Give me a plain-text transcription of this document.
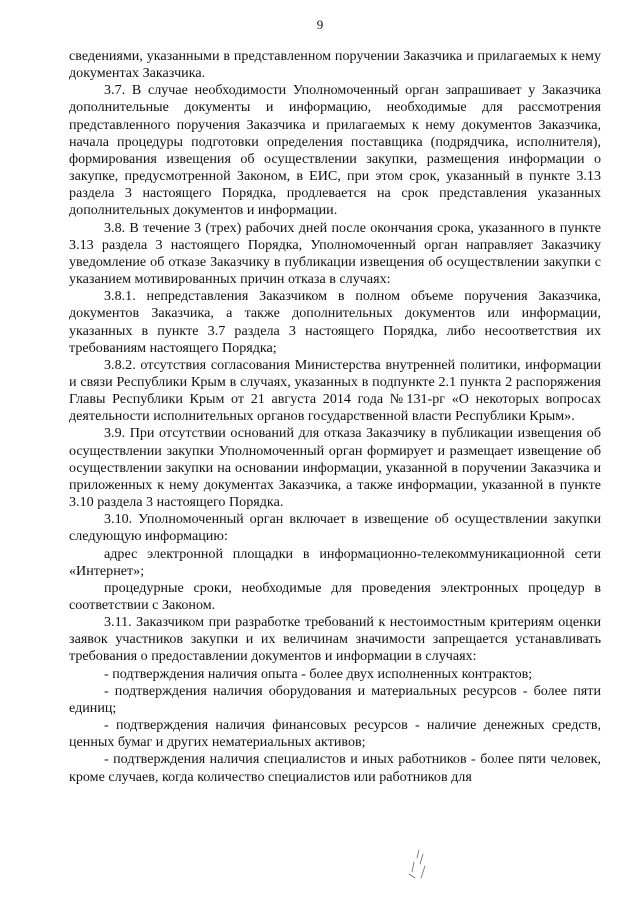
9

сведениями, указанными в представленном поручении Заказчика и прилагаемых к нему документах Заказчика.

3.7. В случае необходимости Уполномоченный орган запрашивает у Заказчика дополнительные документы и информацию, необходимые для рассмотрения представленного поручения Заказчика и прилагаемых к нему документов Заказчика, начала процедуры подготовки определения поставщика (подрядчика, исполнителя), формирования извещения об осуществлении закупки, размещения информации о закупке, предусмотренной Законом, в ЕИС, при этом срок, указанный в пункте 3.13 раздела 3 настоящего Порядка, продлевается на срок представления указанных дополнительных документов и информации.

3.8. В течение 3 (трех) рабочих дней после окончания срока, указанного в пункте 3.13 раздела 3 настоящего Порядка, Уполномоченный орган направляет Заказчику уведомление об отказе Заказчику в публикации извещения об осуществлении закупки с указанием мотивированных причин отказа в случаях:

3.8.1. непредставления Заказчиком в полном объеме поручения Заказчика, документов Заказчика, а также дополнительных документов или информации, указанных в пункте 3.7 раздела 3 настоящего Порядка, либо несоответствия их требованиям настоящего Порядка;

3.8.2. отсутствия согласования Министерства внутренней политики, информации и связи Республики Крым в случаях, указанных в подпункте 2.1 пункта 2 распоряжения Главы Республики Крым от 21 августа 2014 года №131-рг «О некоторых вопросах деятельности исполнительных органов государственной власти Республики Крым».

3.9. При отсутствии оснований для отказа Заказчику в публикации извещения об осуществлении закупки Уполномоченный орган формирует и размещает извещение об осуществлении закупки на основании информации, указанной в поручении Заказчика и приложенных к нему документах Заказчика, а также информации, указанной в пункте 3.10 раздела 3 настоящего Порядка.

3.10. Уполномоченный орган включает в извещение об осуществлении закупки следующую информацию:

адрес электронной площадки в информационно-телекоммуникационной сети «Интернет»;

процедурные сроки, необходимые для проведения электронных процедур в соответствии с Законом.

3.11. Заказчиком при разработке требований к нестоимостным критериям оценки заявок участников закупки и их величинам значимости запрещается устанавливать требования о предоставлении документов и информации в случаях:

- подтверждения наличия опыта - более двух исполненных контрактов;

- подтверждения наличия оборудования и материальных ресурсов - более пяти единиц;

- подтверждения наличия финансовых ресурсов - наличие денежных средств, ценных бумаг и других нематериальных активов;

- подтверждения наличия специалистов и иных работников - более пяти человек, кроме случаев, когда количество специалистов или работников для
